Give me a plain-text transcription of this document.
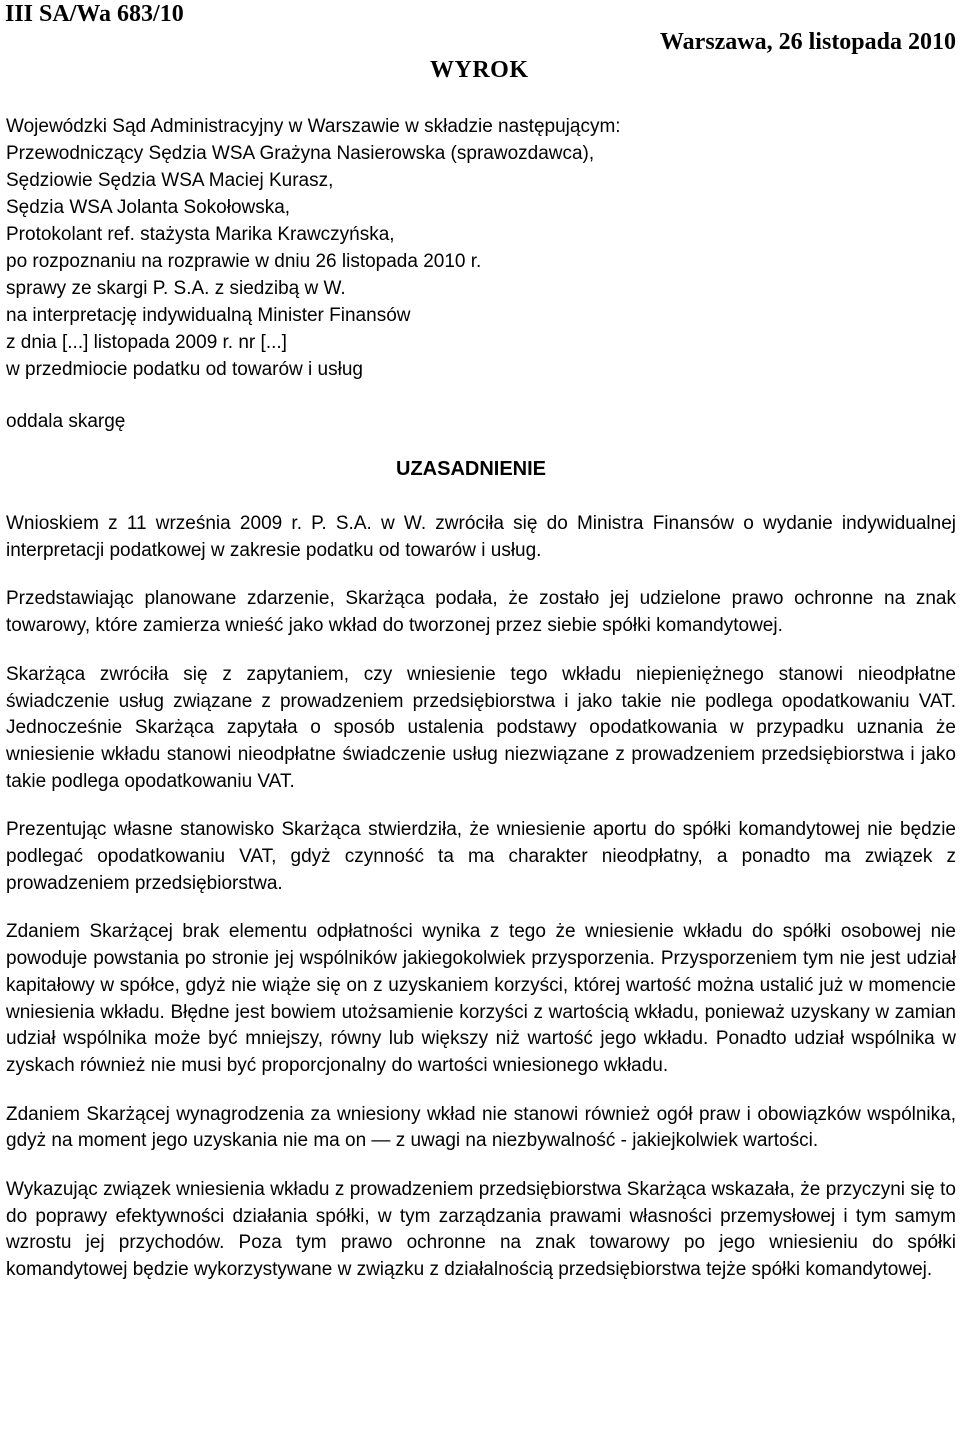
III SA/Wa 683/10
Warszawa, 26 listopada 2010
WYROK
Wojewódzki Sąd Administracyjny w Warszawie w składzie następującym:
Przewodniczący Sędzia WSA Grażyna Nasierowska (sprawozdawca),
Sędziowie Sędzia WSA Maciej Kurasz,
Sędzia WSA Jolanta Sokołowska,
Protokolant ref. stażysta Marika Krawczyńska,
po rozpoznaniu na rozprawie w dniu 26 listopada 2010 r.
sprawy ze skargi P. S.A. z siedzibą w W.
na interpretację indywidualną Minister Finansów
z dnia [...] listopada 2009 r. nr [...]
w przedmiocie podatku od towarów i usług
oddala skargę
UZASADNIENIE

Wnioskiem z 11 września 2009 r. P. S.A. w W. zwróciła się do Ministra Finansów o wydanie indywidualnej interpretacji podatkowej w zakresie podatku od towarów i usług.

Przedstawiając planowane zdarzenie, Skarżąca podała, że zostało jej udzielone prawo ochronne na znak towarowy, które zamierza wnieść jako wkład do tworzonej przez siebie spółki komandytowej.

Skarżąca zwróciła się z zapytaniem, czy wniesienie tego wkładu niepieniężnego stanowi nieodpłatne świadczenie usług związane z prowadzeniem przedsiębiorstwa i jako takie nie podlega opodatkowaniu VAT. Jednocześnie Skarżąca zapytała o sposób ustalenia podstawy opodatkowania w przypadku uznania że wniesienie wkładu stanowi nieodpłatne świadczenie usług niezwiązane z prowadzeniem przedsiębiorstwa i jako takie podlega opodatkowaniu VAT.

Prezentując własne stanowisko Skarżąca stwierdziła, że wniesienie aportu do spółki komandytowej nie będzie podlegać opodatkowaniu VAT, gdyż czynność ta ma charakter nieodpłatny, a ponadto ma związek z prowadzeniem przedsiębiorstwa.

Zdaniem Skarżącej brak elementu odpłatności wynika z tego że wniesienie wkładu do spółki osobowej nie powoduje powstania po stronie jej wspólników jakiegokolwiek przysporzenia. Przysporzeniem tym nie jest udział kapitałowy w spółce, gdyż nie wiąże się on z uzyskaniem korzyści, której wartość można ustalić już w momencie wniesienia wkładu. Błędne jest bowiem utożsamienie korzyści z wartością wkładu, ponieważ uzyskany w zamian udział wspólnika może być mniejszy, równy lub większy niż wartość jego wkładu. Ponadto udział wspólnika w zyskach również nie musi być proporcjonalny do wartości wniesionego wkładu.

Zdaniem Skarżącej wynagrodzenia za wniesiony wkład nie stanowi również ogół praw i obowiązków wspólnika, gdyż na moment jego uzyskania nie ma on — z uwagi na niezbywalność - jakiejkolwiek wartości.

Wykazując związek wniesienia wkładu z prowadzeniem przedsiębiorstwa Skarżąca wskazała, że przyczyni się to do poprawy efektywności działania spółki, w tym zarządzania prawami własności przemysłowej i tym samym wzrostu jej przychodów. Poza tym prawo ochronne na znak towarowy po jego wniesieniu do spółki komandytowej będzie wykorzystywane w związku z działalnością przedsiębiorstwa tejże spółki komandytowej.
